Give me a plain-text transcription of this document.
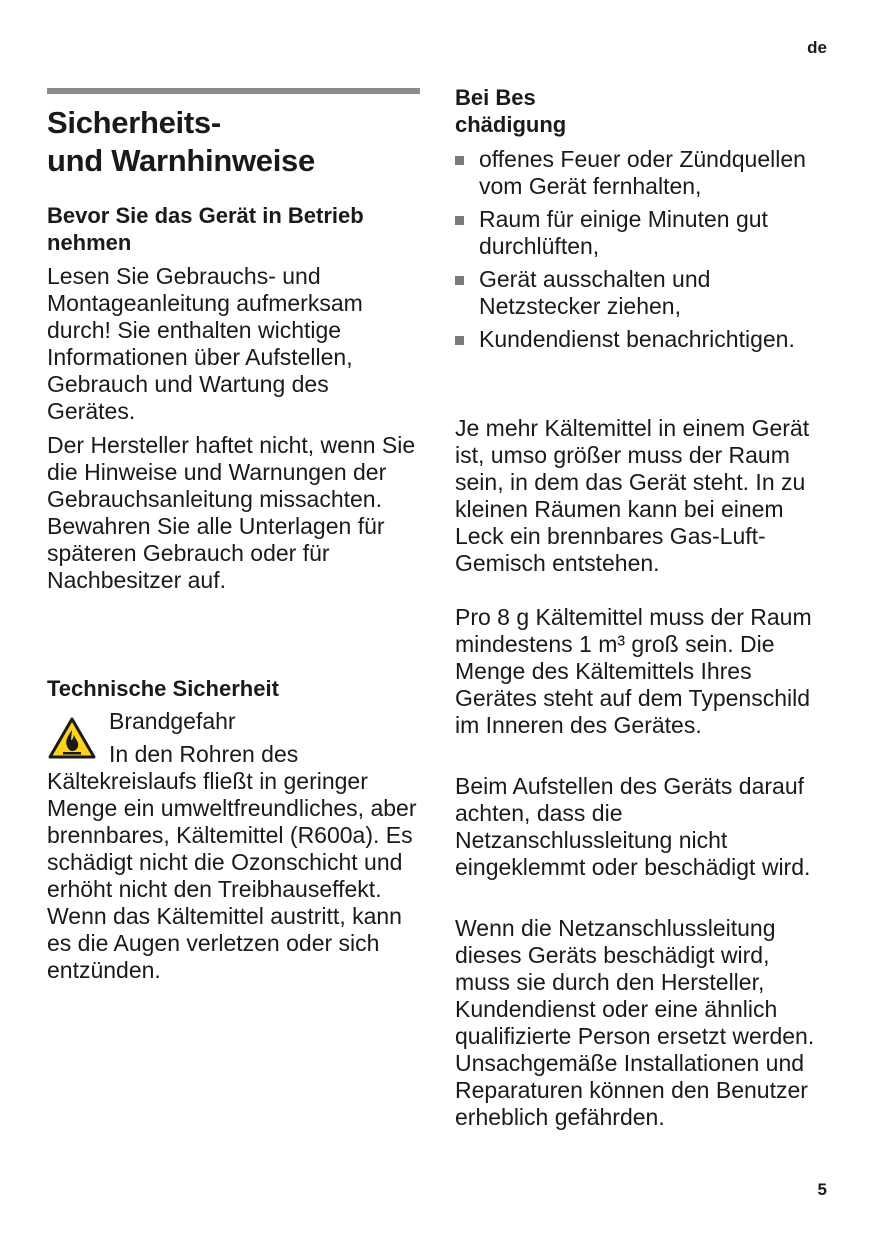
de
Sicherheits-
und Warnhinweise
Bevor Sie das Gerät in Betrieb nehmen

Lesen Sie Gebrauchs- und Montageanleitung aufmerksam durch! Sie enthalten wichtige Informationen über Aufstellen, Gebrauch und Wartung des Gerätes.

Der Hersteller haftet nicht, wenn Sie die Hinweise und Warnungen der Gebrauchsanleitung missachten. Bewahren Sie alle Unterlagen für späteren Gebrauch oder für Nachbesitzer auf.

Technische Sicherheit
Brandgefahr

In den Rohren des Kältekreislaufs fließt in geringer Menge ein umweltfreundliches, aber brennbares, Kältemittel (R600a). Es schädigt nicht die Ozonschicht und erhöht nicht den Treibhauseffekt. Wenn das Kältemittel austritt, kann es die Augen verletzen oder sich entzünden.

Bei Bes
chädigung
offenes Feuer oder Zündquellen vom Gerät fernhalten,
Raum für einige Minuten gut durchlüften,
Gerät ausschalten und Netzstecker ziehen,
Kundendienst benachrichtigen.

Je mehr Kältemittel in einem Gerät ist, umso größer muss der Raum sein, in dem das Gerät steht. In zu kleinen Räumen kann bei einem Leck ein brennbares Gas-Luft-Gemisch entstehen.

Pro 8 g Kältemittel muss der Raum mindestens 1 m³ groß sein. Die Menge des Kältemittels Ihres Gerätes steht auf dem Typenschild im Inneren des Gerätes.

Beim Aufstellen des Geräts darauf achten, dass die Netzanschlussleitung nicht eingeklemmt oder beschädigt wird.

Wenn die Netzanschlussleitung dieses Geräts beschädigt wird, muss sie durch den Hersteller, Kundendienst oder eine ähnlich qualifizierte Person ersetzt werden. Unsachgemäße Installationen und Reparaturen können den Benutzer erheblich gefährden.

5
